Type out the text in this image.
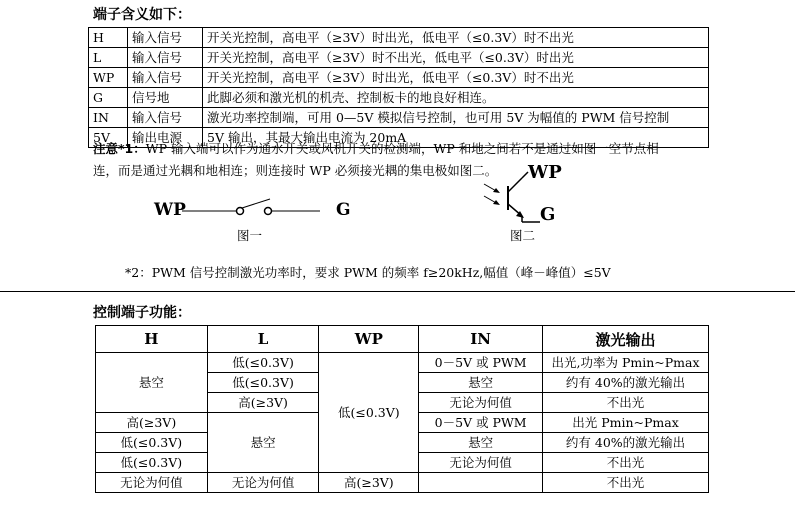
端子含义如下：
H	输入信号	开关光控制，高电平（≥3V）时出光，低电平（≤0.3V）时不出光
L	输入信号	开关光控制，高电平（≥3V）时不出光，低电平（≤0.3V）时出光
WP	输入信号	开关光控制，高电平（≥3V）时出光，低电平（≤0.3V）时不出光
G	信号地	此脚必须和激光机的机壳、控制板卡的地良好相连。
IN	输入信号	激光功率控制端，可用 0—5V 模拟信号控制，也可用 5V 为幅值的 PWM 信号控制
5V	输出电源	5V 输出，其最大输出电流为 20mA
注意*1：WP 输入端可以作为通水开关或风机开关的检测端，WP 和地之间若不是通过如图一空节点相
连，而是通过光耦和地相连；则连接时 WP 必须接光耦的集电极如图二。
WP	G
图一
WP
G
图二
*2：PWM 信号控制激光功率时，要求 PWM 的频率 f≥20kHz,幅值（峰－峰值）≤5V
控制端子功能：
H	L	WP	IN	激光输出
悬空	低(≤0.3V)	低(≤0.3V)	0－5V 或 PWM	出光,功率为 Pmin~Pmax
	低(≤0.3V)		悬空	约有 40%的激光输出
	高(≥3V)		无论为何值	不出光
高(≥3V)	悬空		0－5V 或 PWM	出光 Pmin~Pmax
低(≤0.3V)			悬空	约有 40%的激光输出
低(≤0.3V)			无论为何值	不出光
无论为何值	无论为何值	高(≥3V)		不出光
